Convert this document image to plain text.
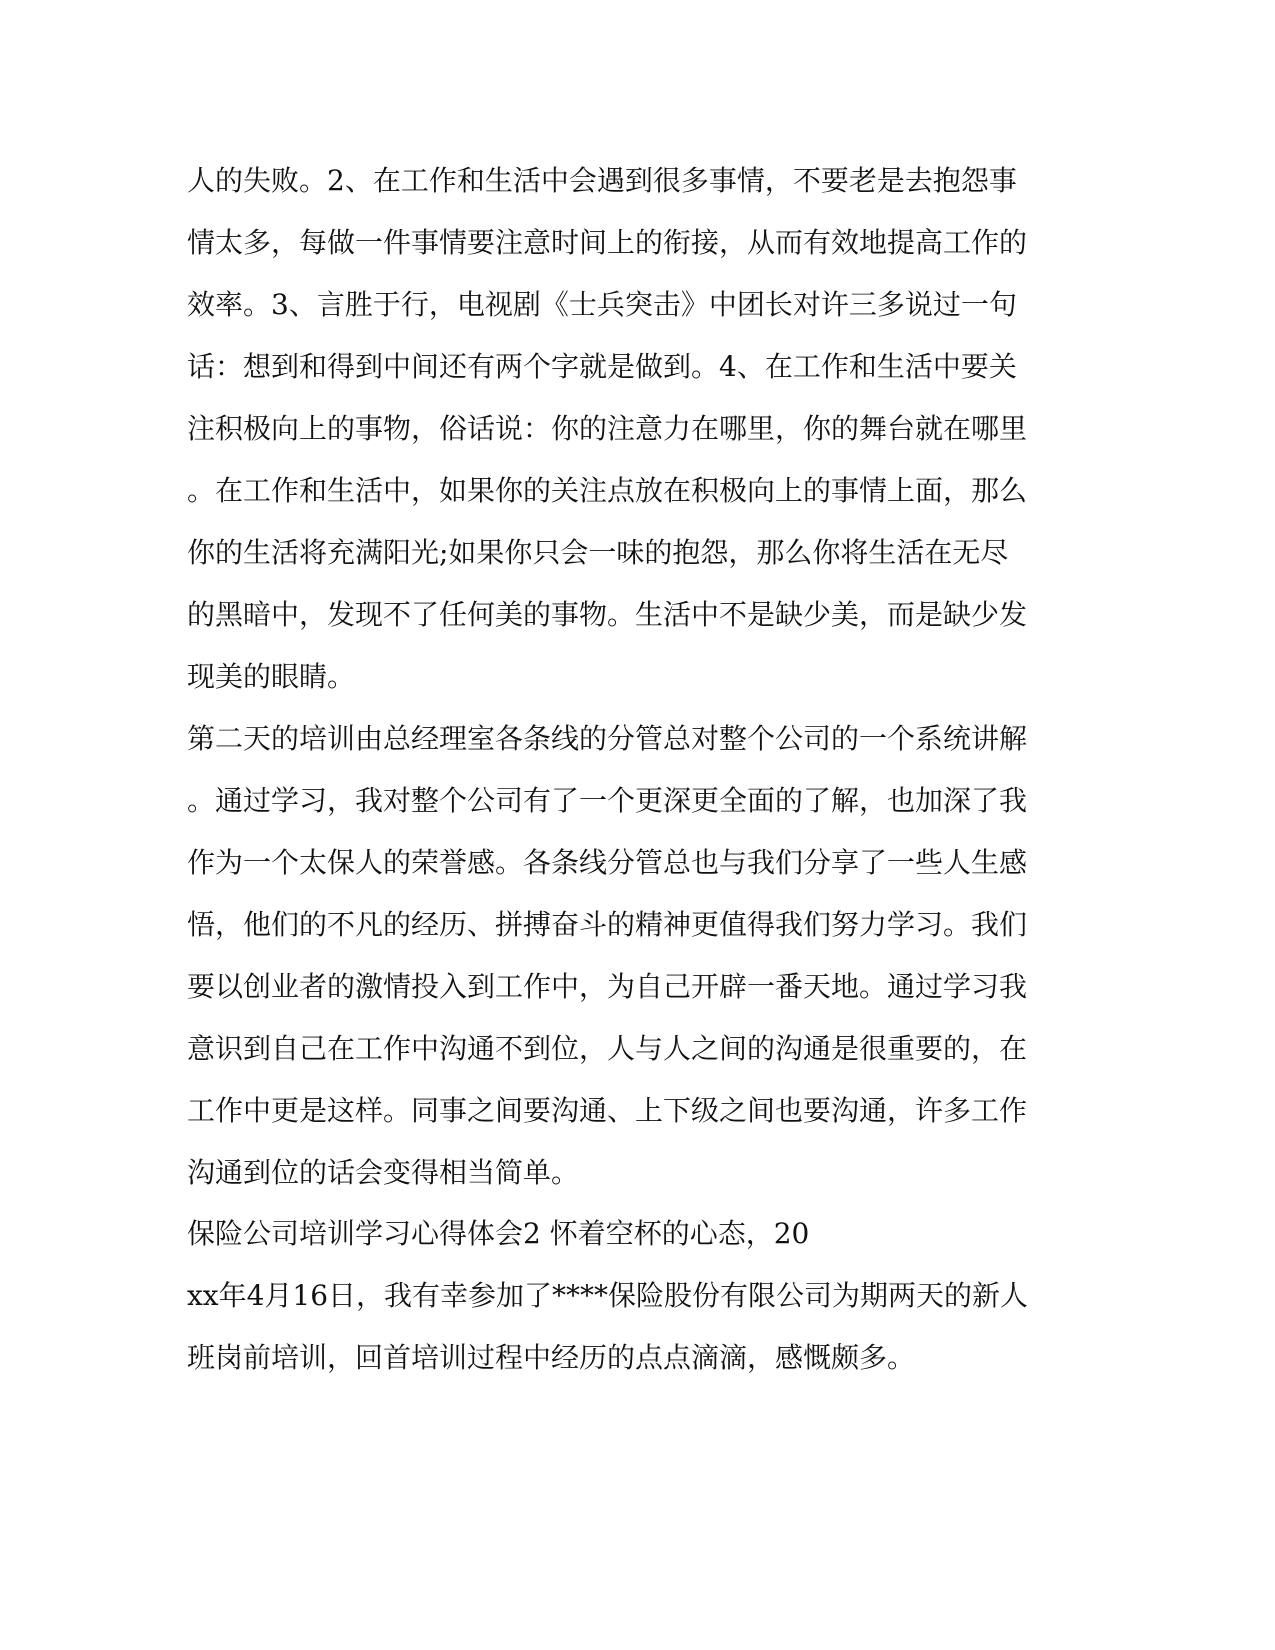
人的失败。2、在工作和生活中会遇到很多事情，不要老是去抱怨事
情太多，每做一件事情要注意时间上的衔接，从而有效地提高工作的
效率。3、言胜于行，电视剧《士兵突击》中团长对许三多说过一句
话：想到和得到中间还有两个字就是做到。4、在工作和生活中要关
注积极向上的事物，俗话说：你的注意力在哪里，你的舞台就在哪里
。在工作和生活中，如果你的关注点放在积极向上的事情上面，那么
你的生活将充满阳光;如果你只会一味的抱怨，那么你将生活在无尽
的黑暗中，发现不了任何美的事物。生活中不是缺少美，而是缺少发
现美的眼睛。
第二天的培训由总经理室各条线的分管总对整个公司的一个系统讲解
。通过学习，我对整个公司有了一个更深更全面的了解，也加深了我
作为一个太保人的荣誉感。各条线分管总也与我们分享了一些人生感
悟，他们的不凡的经历、拼搏奋斗的精神更值得我们努力学习。我们
要以创业者的激情投入到工作中，为自己开辟一番天地。通过学习我
意识到自己在工作中沟通不到位，人与人之间的沟通是很重要的，在
工作中更是这样。同事之间要沟通、上下级之间也要沟通，许多工作
沟通到位的话会变得相当简单。
保险公司培训学习心得体会2 怀着空杯的心态，20
xx年4月16日，我有幸参加了****保险股份有限公司为期两天的新人
班岗前培训，回首培训过程中经历的点点滴滴，感慨颇多。
